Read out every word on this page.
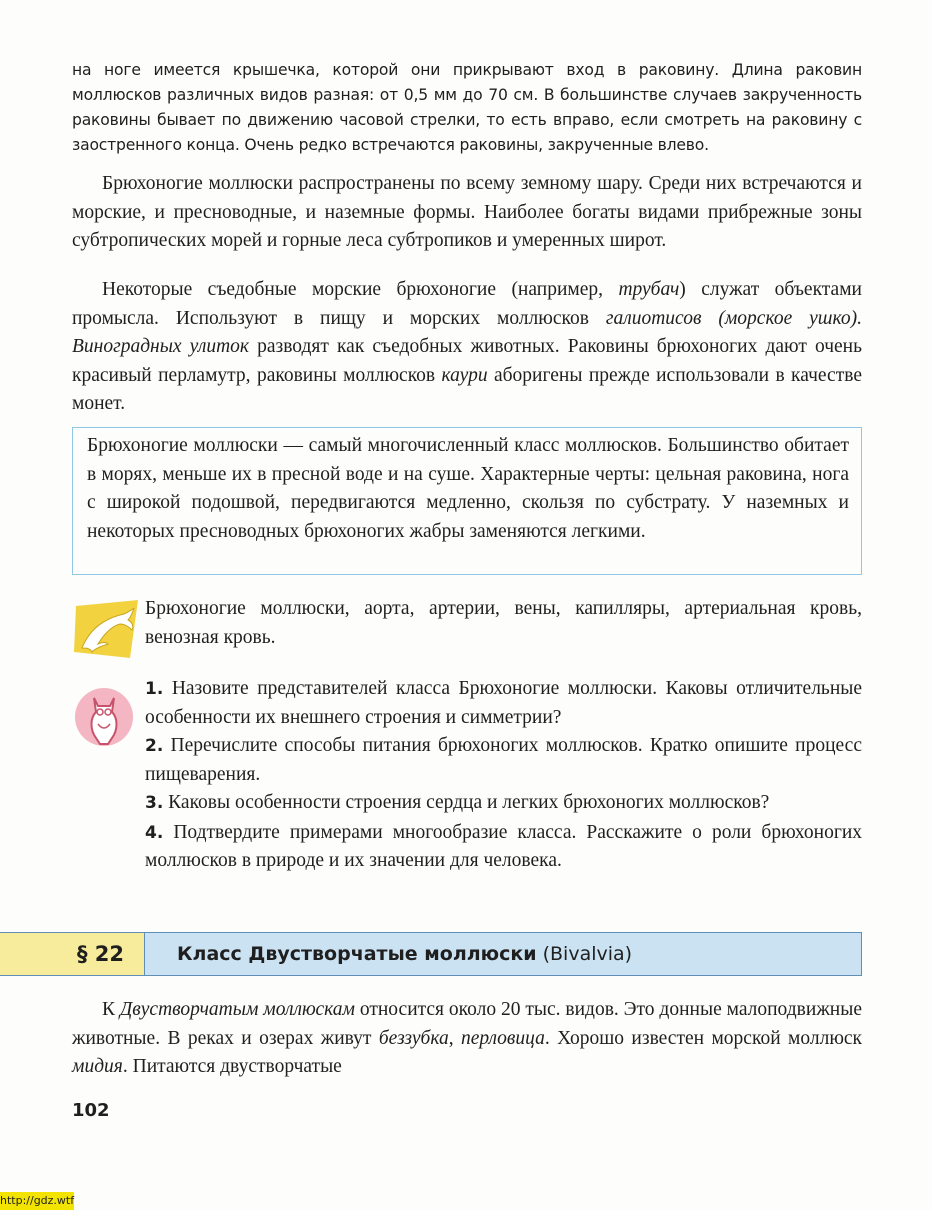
на ноге имеется крышечка, которой они прикрывают вход в раковину. Длина раковин моллюсков различных видов разная: от 0,5 мм до 70 см. В большинстве случаев закрученность раковины бывает по движению часовой стрелки, то есть вправо, если смотреть на раковину с заостренного конца. Очень редко встречаются раковины, закрученные влево.
Брюхоногие моллюски распространены по всему земному шару. Среди них встречаются и морские, и пресноводные, и наземные формы. Наиболее богаты видами прибрежные зоны субтропических морей и горные леса субтропиков и умеренных широт.
Некоторые съедобные морские брюхоногие (например, трубач) служат объектами промысла. Используют в пищу и морских моллюсков галиотисов (морское ушко). Виноградных улиток разводят как съедобных животных. Раковины брюхоногих дают очень красивый перламутр, раковины моллюсков каури аборигены прежде использовали в качестве монет.

Брюхоногие моллюски — самый многочисленный класс моллюсков. Большинство обитает в морях, меньше их в пресной воде и на суше. Характерные черты: цельная раковина, нога с широкой подошвой, передвигаются медленно, скользя по субстрату. У наземных и некоторых пресноводных брюхоногих жабры заменяются легкими.

Брюхоногие моллюски, аорта, артерии, вены, капилляры, артериальная кровь, венозная кровь.

1. Назовите представителей класса Брюхоногие моллюски. Каковы отличительные особенности их внешнего строения и симметрии?

2. Перечислите способы питания брюхоногих моллюсков. Кратко опишите процесс пищеварения.

3. Каковы особенности строения сердца и легких брюхоногих моллюсков?

4. Подтвердите примерами многообразие класса. Расскажите о роли брюхоногих моллюсков в природе и их значении для человека.

§ 22	Класс Двустворчатые моллюски (Bivalvia)
К Двустворчатым моллюскам относится около 20 тыс. видов. Это донные малоподвижные животные. В реках и озерах живут беззубка, перловица. Хорошо известен морской моллюск мидия. Питаются двустворчатые
102
http://gdz.wtf
